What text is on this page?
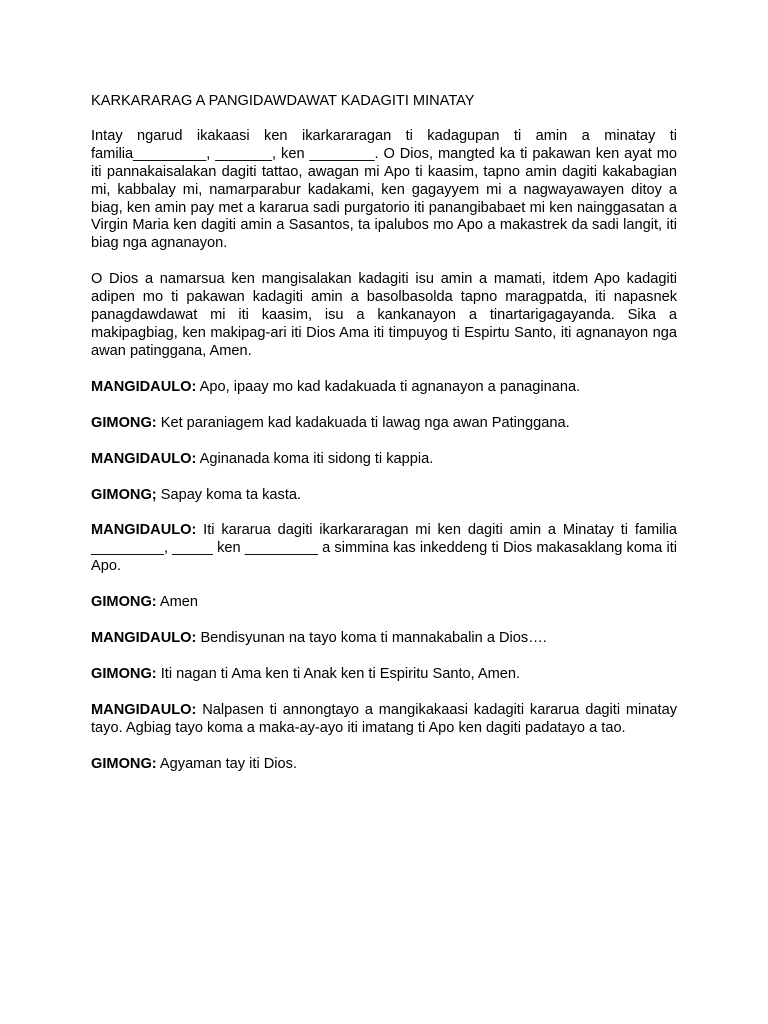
KARKARARAG A PANGIDAWDAWAT KADAGITI MINATAY

Intay ngarud ikakaasi ken ikarkararagan ti kadagupan ti amin a minatay ti familia_________, _______, ken ________. O Dios, mangted ka ti pakawan ken ayat mo iti pannakaisalakan dagiti tattao, awagan mi Apo ti kaasim, tapno amin dagiti kakabagian mi, kabbalay mi, namarparabur kadakami, ken gagayyem mi a nagwayawayen ditoy a biag, ken amin pay met a kararua sadi purgatorio iti panangibabaet mi ken nainggasatan a Virgin Maria ken dagiti amin a Sasantos, ta ipalubos mo Apo a makastrek da sadi langit, iti biag nga agnanayon.

O Dios a namarsua ken mangisalakan kadagiti isu amin a mamati, itdem Apo kadagiti adipen mo ti pakawan kadagiti amin a basolbasolda tapno maragpatda, iti napasnek panagdawdawat mi iti kaasim, isu a kankanayon a tinartarigagayanda. Sika a makipagbiag, ken makipag-ari iti Dios Ama iti timpuyog ti Espirtu Santo, iti agnanayon nga awan patinggana, Amen.

MANGIDAULO: Apo, ipaay mo kad kadakuada ti agnanayon a panaginana.

GIMONG: Ket paraniagem kad kadakuada ti lawag nga awan Patinggana.

MANGIDAULO: Aginanada koma iti sidong ti kappia.

GIMONG; Sapay koma ta kasta.

MANGIDAULO: Iti kararua dagiti ikarkararagan mi ken dagiti amin a Minatay ti familia _________, _____ ken _________ a simmina kas inkeddeng ti Dios makasaklang koma iti Apo.

GIMONG: Amen

MANGIDAULO: Bendisyunan na tayo koma ti mannakabalin a Dios….

GIMONG: Iti nagan ti Ama ken ti Anak ken ti Espiritu Santo, Amen.

MANGIDAULO: Nalpasen ti annongtayo a mangikakaasi kadagiti kararua dagiti minatay tayo. Agbiag tayo koma a maka-ay-ayo iti imatang ti Apo ken dagiti padatayo a tao.

GIMONG: Agyaman tay iti Dios.
